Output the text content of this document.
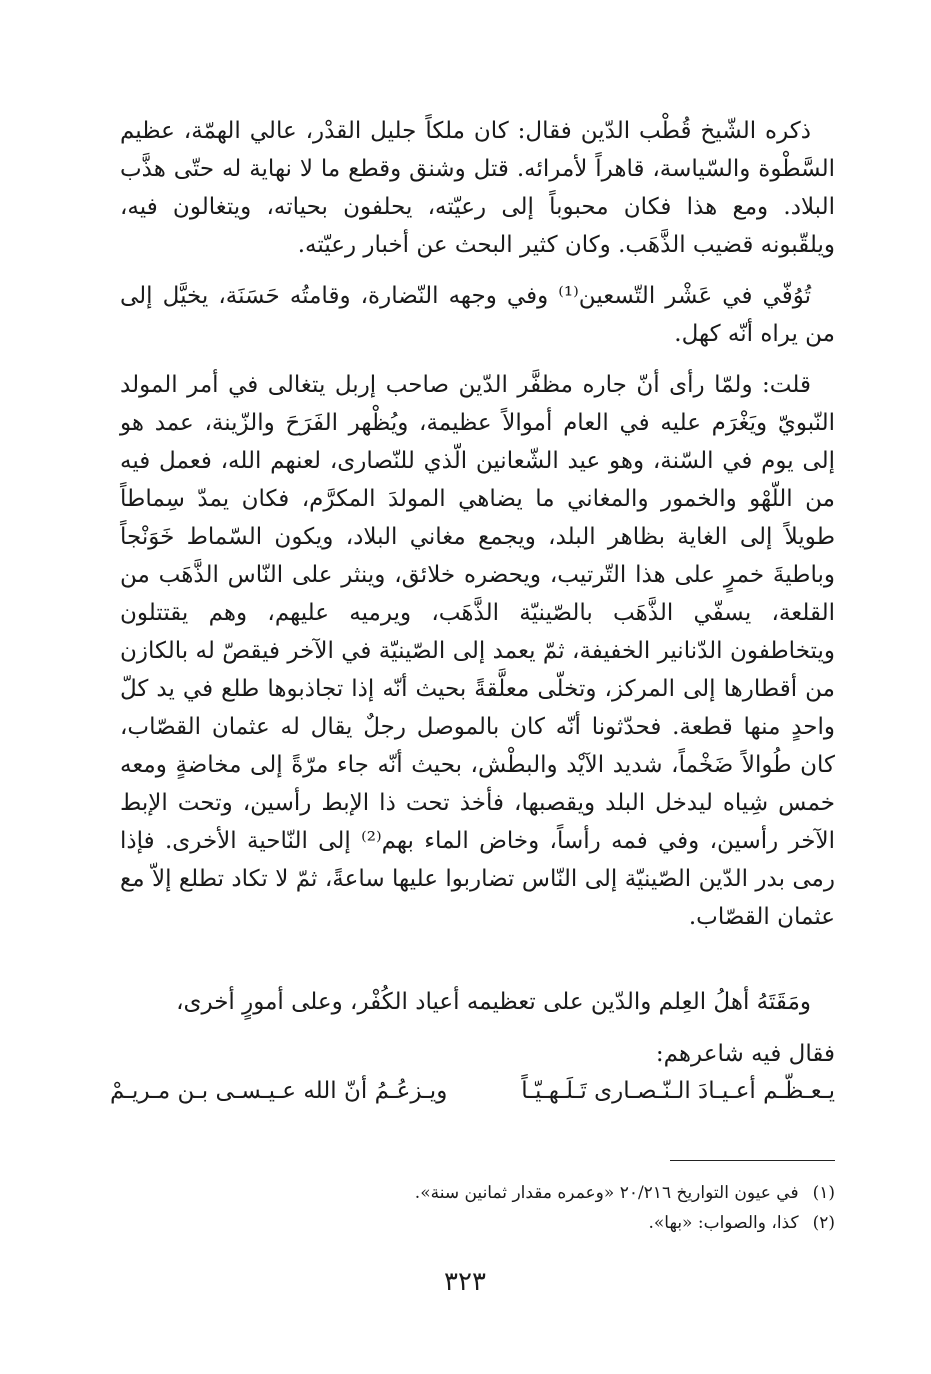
ذكره الشّيخ قُطْب الدّين فقال: كان ملكاً جليل القدْر، عالي الهمّة، عظيم السَّطْوة والسّياسة، قاهراً لأمرائه. قتل وشنق وقطع ما لا نهاية له حتّى هذَّب البلاد. ومع هذا فكان محبوباً إلى رعيّته، يحلفون بحياته، ويتغالون فيه، ويلقّبونه قضيب الذَّهَب. وكان كثير البحث عن أخبار رعيّته.

تُوُفّي في عَشْر التّسعين⁽¹⁾ وفي وجهه النّضارة، وقامتُه حَسَنَة، يخيَّل إلى من يراه أنّه كهل.

قلت: ولمّا رأى أنّ جاره مظفَّر الدّين صاحب إربل يتغالى في أمر المولد النّبويّ ويَغْرَم عليه في العام أموالاً عظيمة، ويُظْهر الفَرَحَ والزّينة، عمد هو إلى يوم في السّنة، وهو عيد الشّعانين الّذي للنّصارى، لعنهم الله، فعمل فيه من اللّهْو والخمور والمغاني ما يضاهي المولدَ المكرَّم، فكان يمدّ سِماطاً طويلاً إلى الغاية بظاهر البلد، ويجمع مغاني البلاد، ويكون السّماط خَوَنْجاً وباطيةَ خمرٍ على هذا التّرتيب، ويحضره خلائق، وينثر على النّاس الذَّهَب من القلعة، يسفّي الذَّهَب بالصّينيّة الذَّهَب، ويرميه عليهم، وهم يقتتلون ويتخاطفون الدّنانير الخفيفة، ثمّ يعمد إلى الصّينيّة في الآخر فيقصّ له بالكازن من أقطارها إلى المركز، وتخلّى معلَّقةً بحيث أنّه إذا تجاذبوها طلع في يد كلّ واحدٍ منها قطعة. فحدّثونا أنّه كان بالموصل رجلٌ يقال له عثمان القصّاب، كان طُوالاً ضَخْماً، شديد الآيْد والبطْش، بحيث أنّه جاء مرّةً إلى مخاضةٍ ومعه خمس شِياه ليدخل البلد ويقصبها، فأخذ تحت ذا الإبط رأسين، وتحت الإبط الآخر رأسين، وفي فمه رأساً، وخاض الماء بهم⁽²⁾ إلى النّاحية الأخرى. فإذا رمى بدر الدّين الصّينيّة إلى النّاس تضاربوا عليها ساعةً، ثمّ لا تكاد تطلع إلاّ مع عثمان القصّاب.

ومَقَتَهُ أهلُ العِلم والدّين على تعظيمه أعياد الكُفْر، وعلى أمورٍ أخرى،

فقال فيه شاعرهم:

يـعـظّـم أعـيـادَ الـنّـصـارى تَـلَـهـيّـاً
ويـزعُـمُ أنّ الله عـيـسـى بـن مـريـمْ
(١)
في عيون التواريخ ٢٠/٢١٦ «وعمره مقدار ثمانين سنة».
(٢)
كذا، والصواب: «بها».
٣٢٣
